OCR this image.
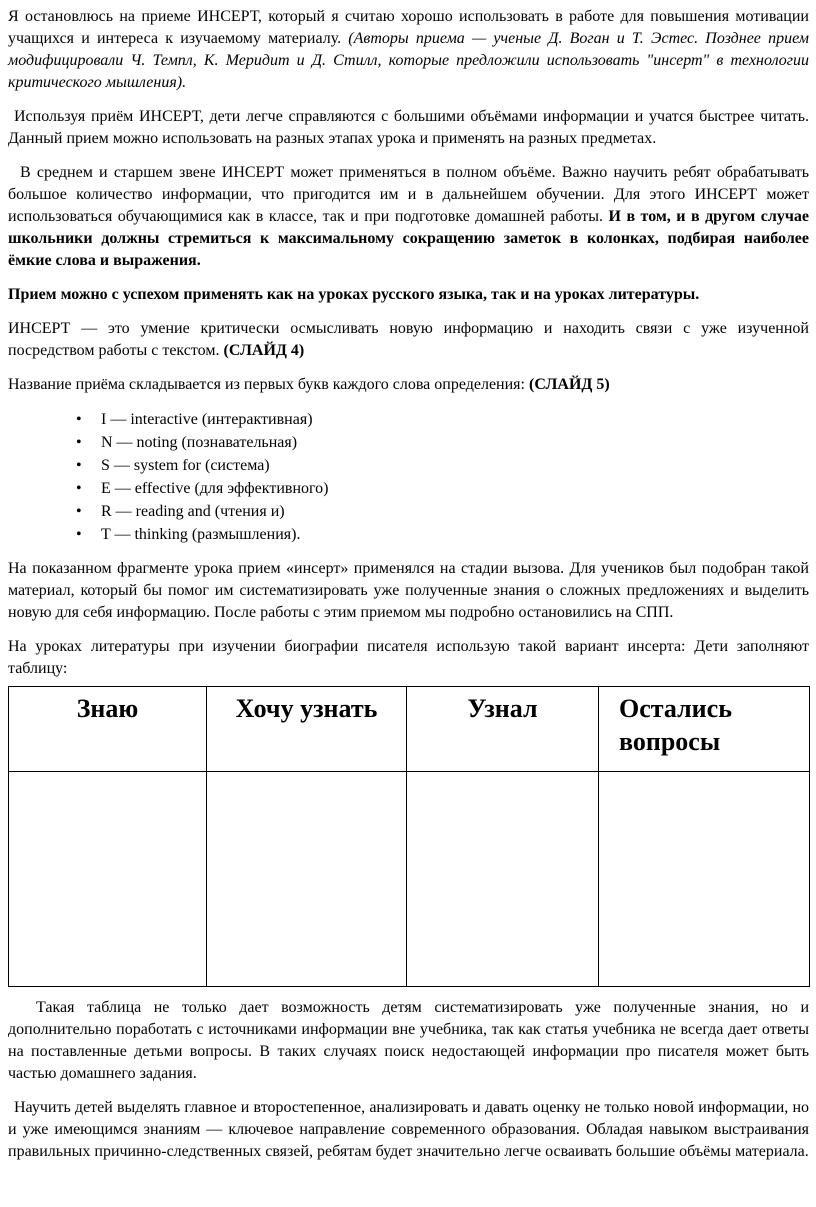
Я остановлюсь на приеме ИНСЕРТ, который я считаю хорошо использовать в работе для повышения мотивации учащихся и интереса к изучаемому материалу. (Авторы приема — ученые Д. Воган и Т. Эстес. Позднее прием модифицировали Ч. Темпл, К. Меридит и Д. Стилл, которые предложили использовать "инсерт" в технологии критического мышления).

Используя приём ИНСЕРТ, дети легче справляются с большими объёмами информации и учатся быстрее читать. Данный прием можно использовать на разных этапах урока и применять на разных предметах.

В среднем и старшем звене ИНСЕРТ может применяться в полном объёме. Важно научить ребят обрабатывать большое количество информации, что пригодится им и в дальнейшем обучении. Для этого ИНСЕРТ может использоваться обучающимися как в классе, так и при подготовке домашней работы. И в том, и в другом случае школьники должны стремиться к максимальному сокращению заметок в колонках, подбирая наиболее ёмкие слова и выражения.

Прием можно с успехом применять как на уроках русского языка, так и на уроках литературы.

ИНСЕРТ — это умение критически осмысливать новую информацию и находить связи с уже изученной посредством работы с текстом. (СЛАЙД 4)

Название приёма складывается из первых букв каждого слова определения: (СЛАЙД 5)

• I — interactive (интерактивная)
• N — noting (познавательная)
• S — system for (система)
• E — effective (для эффективного)
• R — reading and (чтения и)
• T — thinking (размышления).

На показанном фрагменте урока прием «инсерт» применялся на стадии вызова. Для учеников был подобран такой материал, который бы помог им систематизировать уже полученные знания о сложных предложениях и выделить новую для себя информацию. После работы с этим приемом мы подробно остановились на СПП.

На уроках литературы при изучении биографии писателя использую такой вариант инсерта: Дети заполняют таблицу:

Знаю	Хочу узнать	Узнал	Остались вопросы

Такая таблица не только дает возможность детям систематизировать уже полученные знания, но и дополнительно поработать с источниками информации вне учебника, так как статья учебника не всегда дает ответы на поставленные детьми вопросы. В таких случаях поиск недостающей информации про писателя может быть частью домашнего задания.

Научить детей выделять главное и второстепенное, анализировать и давать оценку не только новой информации, но и уже имеющимся знаниям — ключевое направление современного образования. Обладая навыком выстраивания правильных причинно-следственных связей, ребятам будет значительно легче осваивать большие объёмы материала.
